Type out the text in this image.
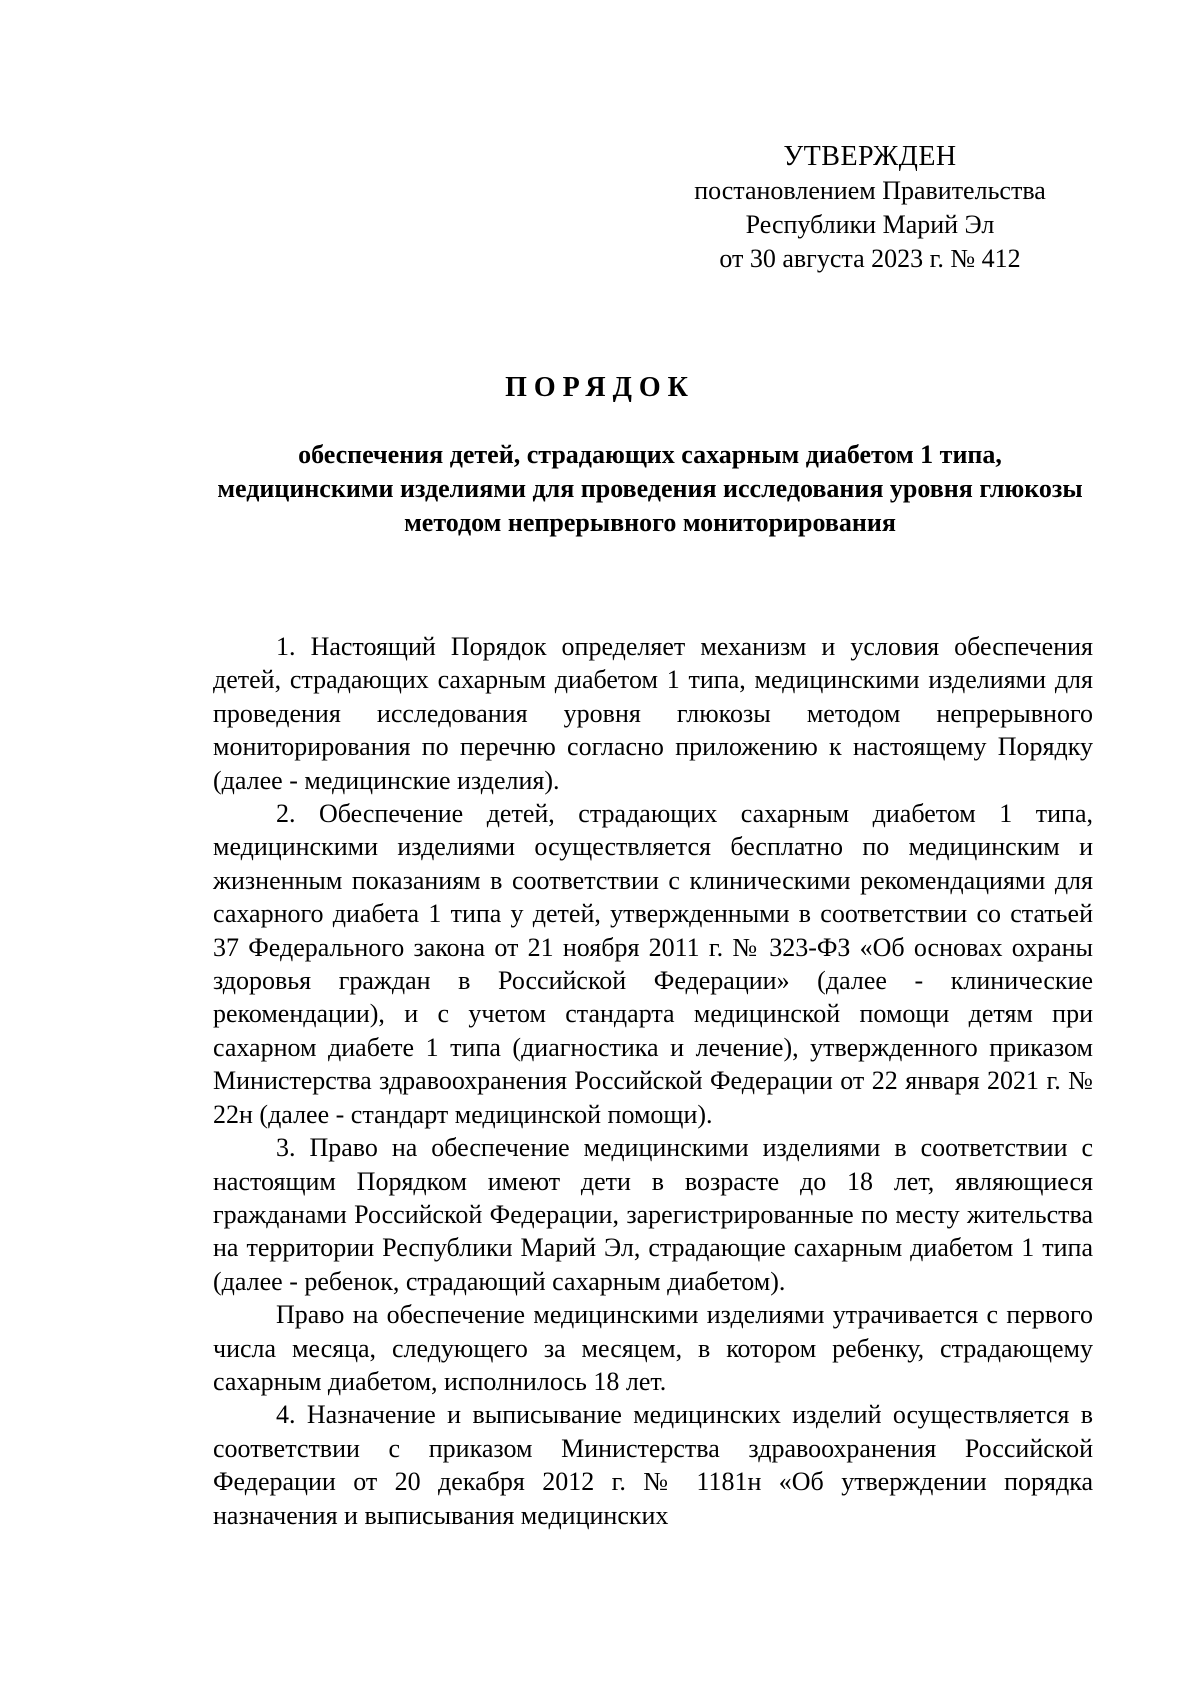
УТВЕРЖДЕН
постановлением Правительства
Республики Марий Эл
от 30 августа 2023 г. № 412
ПОРЯДОК
обеспечения детей, страдающих сахарным диабетом 1 типа, медицинскими изделиями для проведения исследования уровня глюкозы методом непрерывного мониторирования

1. Настоящий Порядок определяет механизм и условия обеспечения детей, страдающих сахарным диабетом 1 типа, медицинскими изделиями для проведения исследования уровня глюкозы методом непрерывного мониторирования по перечню согласно приложению к настоящему Порядку (далее - медицинские изделия).

2. Обеспечение детей, страдающих сахарным диабетом 1 типа, медицинскими изделиями осуществляется бесплатно по медицинским и жизненным показаниям в соответствии с клиническими рекомендациями для сахарного диабета 1 типа у детей, утвержденными в соответствии со статьей 37 Федерального закона от 21 ноября 2011 г. № 323-ФЗ «Об основах охраны здоровья граждан в Российской Федерации» (далее - клинические рекомендации), и с учетом стандарта медицинской помощи детям при сахарном диабете 1 типа (диагностика и лечение), утвержденного приказом Министерства здравоохранения Российской Федерации от 22 января 2021 г. № 22н (далее - стандарт медицинской помощи).

3. Право на обеспечение медицинскими изделиями в соответствии с настоящим Порядком имеют дети в возрасте до 18 лет, являющиеся гражданами Российской Федерации, зарегистрированные по месту жительства на территории Республики Марий Эл, страдающие сахарным диабетом 1 типа (далее - ребенок, страдающий сахарным диабетом).

Право на обеспечение медицинскими изделиями утрачивается с первого числа месяца, следующего за месяцем, в котором ребенку, страдающему сахарным диабетом, исполнилось 18 лет.

4. Назначение и выписывание медицинских изделий осуществляется в соответствии с приказом Министерства здравоохранения Российской Федерации от 20 декабря 2012 г. № 1181н «Об утверждении порядка назначения и выписывания медицинских
